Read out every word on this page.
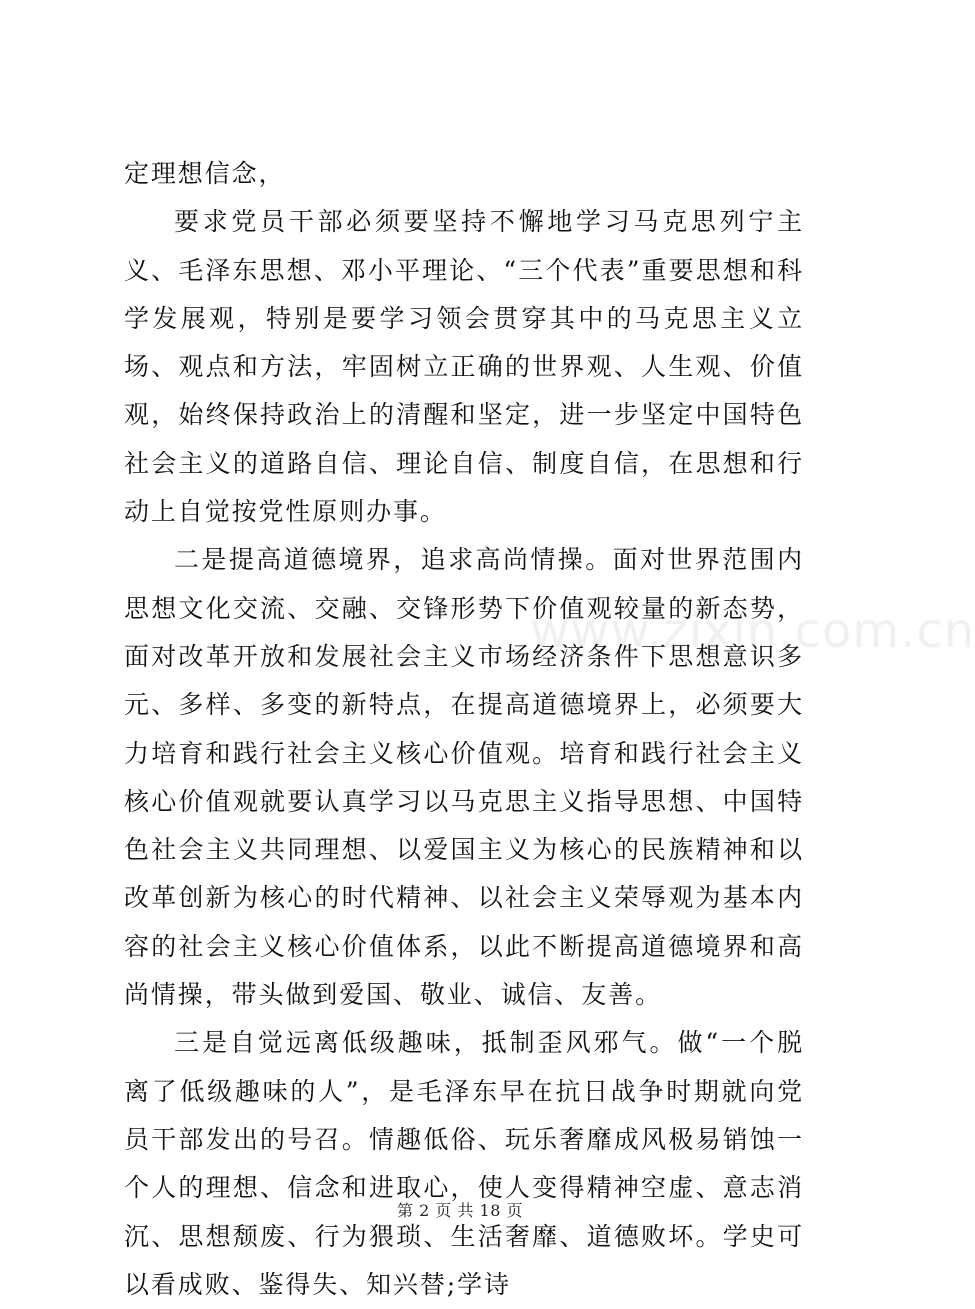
www.zixin.com.cn

定理想信念，

要求党员干部必须要坚持不懈地学习马克思列宁主义、毛泽东思想、邓小平理论、“三个代表”重要思想和科学发展观，特别是要学习领会贯穿其中的马克思主义立场、观点和方法，牢固树立正确的世界观、人生观、价值观，始终保持政治上的清醒和坚定，进一步坚定中国特色社会主义的道路自信、理论自信、制度自信，在思想和行动上自觉按党性原则办事。

二是提高道德境界，追求高尚情操。面对世界范围内思想文化交流、交融、交锋形势下价值观较量的新态势，面对改革开放和发展社会主义市场经济条件下思想意识多元、多样、多变的新特点，在提高道德境界上，必须要大力培育和践行社会主义核心价值观。培育和践行社会主义核心价值观就要认真学习以马克思主义指导思想、中国特色社会主义共同理想、以爱国主义为核心的民族精神和以改革创新为核心的时代精神、以社会主义荣辱观为基本内容的社会主义核心价值体系，以此不断提高道德境界和高尚情操，带头做到爱国、敬业、诚信、友善。

三是自觉远离低级趣味，抵制歪风邪气。做“一个脱离了低级趣味的人”，是毛泽东早在抗日战争时期就向党员干部发出的号召。情趣低俗、玩乐奢靡成风极易销蚀一个人的理想、信念和进取心，使人变得精神空虚、意志消沉、思想颓废、行为猥琐、生活奢靡、道德败坏。学史可以看成败、鉴得失、知兴替;学诗

第 2 页 共 18 页
